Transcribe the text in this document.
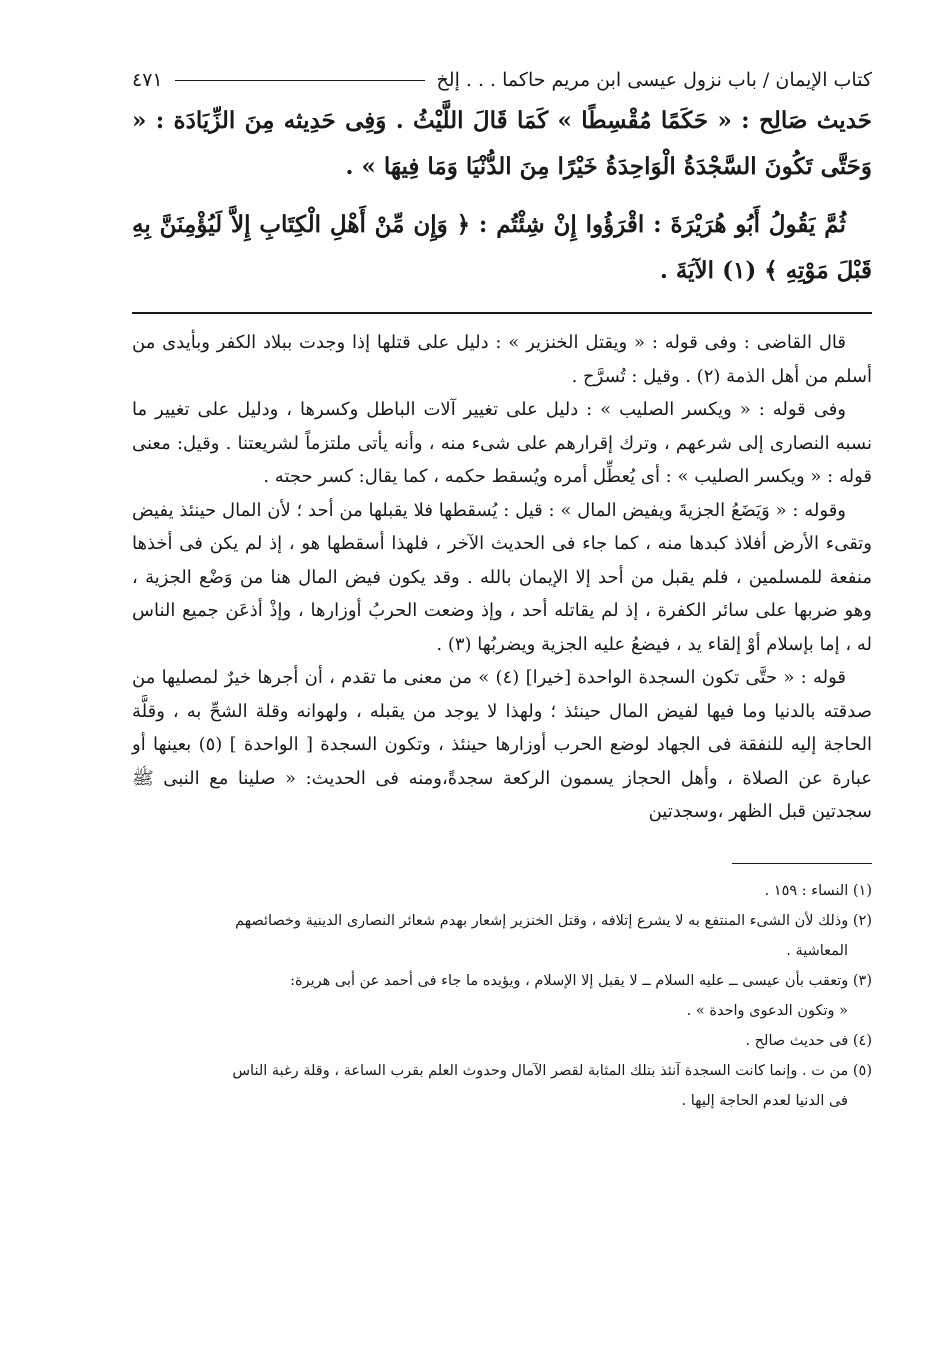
كتاب الإيمان / باب نزول عيسى ابن مريم حاكما . . . إلخ
٤٧١

حَديث صَالِح : « حَكَمًا مُقْسِطًا » كَمَا قَالَ اللَّيْثُ . وَفِى حَدِيثه مِنَ الزِّيَادَة : « وَحَتَّى تَكُونَ السَّجْدَةُ الْوَاحِدَةُ خَيْرًا مِنَ الدُّنْيَا وَمَا فِيهَا » .

ثُمَّ يَقُولُ أَبُو هُرَيْرَةَ : اقْرَؤُوا إِنْ شِئْتُم : ﴿ وَإِن مِّنْ أَهْلِ الْكِتَابِ إِلاَّ لَيُؤْمِنَنَّ بِهِ قَبْلَ مَوْتِهِ ﴾ (١) الآيَةَ .

قال القاضى : وفى قوله : « ويقتل الخنزير » : دليل على قتلها إذا وجدت ببلاد الكفر وبأيدى من أسلم من أهل الذمة (٢) . وقيل : تُسرَّح .

وفى قوله : « ويكسر الصليب » : دليل على تغيير آلات الباطل وكسرها ، ودليل على تغيير ما نسبه النصارى إلى شرعهم ، وترك إقرارهم على شىء منه ، وأنه يأتى ملتزماً لشريعتنا . وقيل: معنى قوله : « ويكسر الصليب » : أى يُعطِّل أمره ويُسقط حكمه ، كما يقال: كسر حجته .

وقوله : « وَيَضَعُ الجزيةَ ويفيض المال » : قيل : يُسقطها فلا يقبلها من أحد ؛ لأن المال حينئذ يفيض وتقىء الأرض أفلاذ كبدها منه ، كما جاء فى الحديث الآخر ، فلهذا أسقطها هو ، إذ لم يكن فى أخذها منفعة للمسلمين ، فلم يقبل من أحد إلا الإيمان بالله . وقد يكون فيض المال هنا من وَضْع الجزية ، وهو ضربها على سائر الكفرة ، إذ لم يقاتله أحد ، وإذ وضعت الحربُ أوزارها ، وإذْ أذعَن جميع الناس له ، إما بإسلام أوْ إلقاء يد ، فيضعُ عليه الجزية ويضربُها (٣) .

قوله : « حتَّى تكون السجدة الواحدة [خيرا] (٤) » من معنى ما تقدم ، أن أجرها خيرٌ لمصليها من صدقته بالدنيا وما فيها لفيض المال حينئذ ؛ ولهذا لا يوجد من يقبله ، ولهوانه وقلة الشحِّ به ، وقلَّة الحاجة إليه للنفقة فى الجهاد لوضع الحرب أوزارها حينئذ ، وتكون السجدة [ الواحدة ] (٥) بعينها أو عبارة عن الصلاة ، وأهل الحجاز يسمون الركعة سجدةً،ومنه فى الحديث: « صلينا مع النبى ﷺ سجدتين قبل الظهر ،وسجدتين

(١) النساء : ١٥٩ .

(٢) وذلك لأن الشىء المنتفع به لا يشرع إتلافه ، وقتل الخنزير إشعار بهدم شعائر النصارى الدينية وخصائصهم

المعاشية .

(٣) وتعقب بأن عيسى ــ عليه السلام ــ لا يقبل إلا الإسلام ، ويؤيده ما جاء فى أحمد عن أبى هريرة:

« وتكون الدعوى واحدة » .

(٤) فى حديث صالح .

(٥) من ت . وإنما كانت السجدة آنئذ بتلك المثابة لقصر الآمال وحدوث العلم بقرب الساعة ، وقلة رغبة الناس

فى الدنيا لعدم الحاجة إليها .
